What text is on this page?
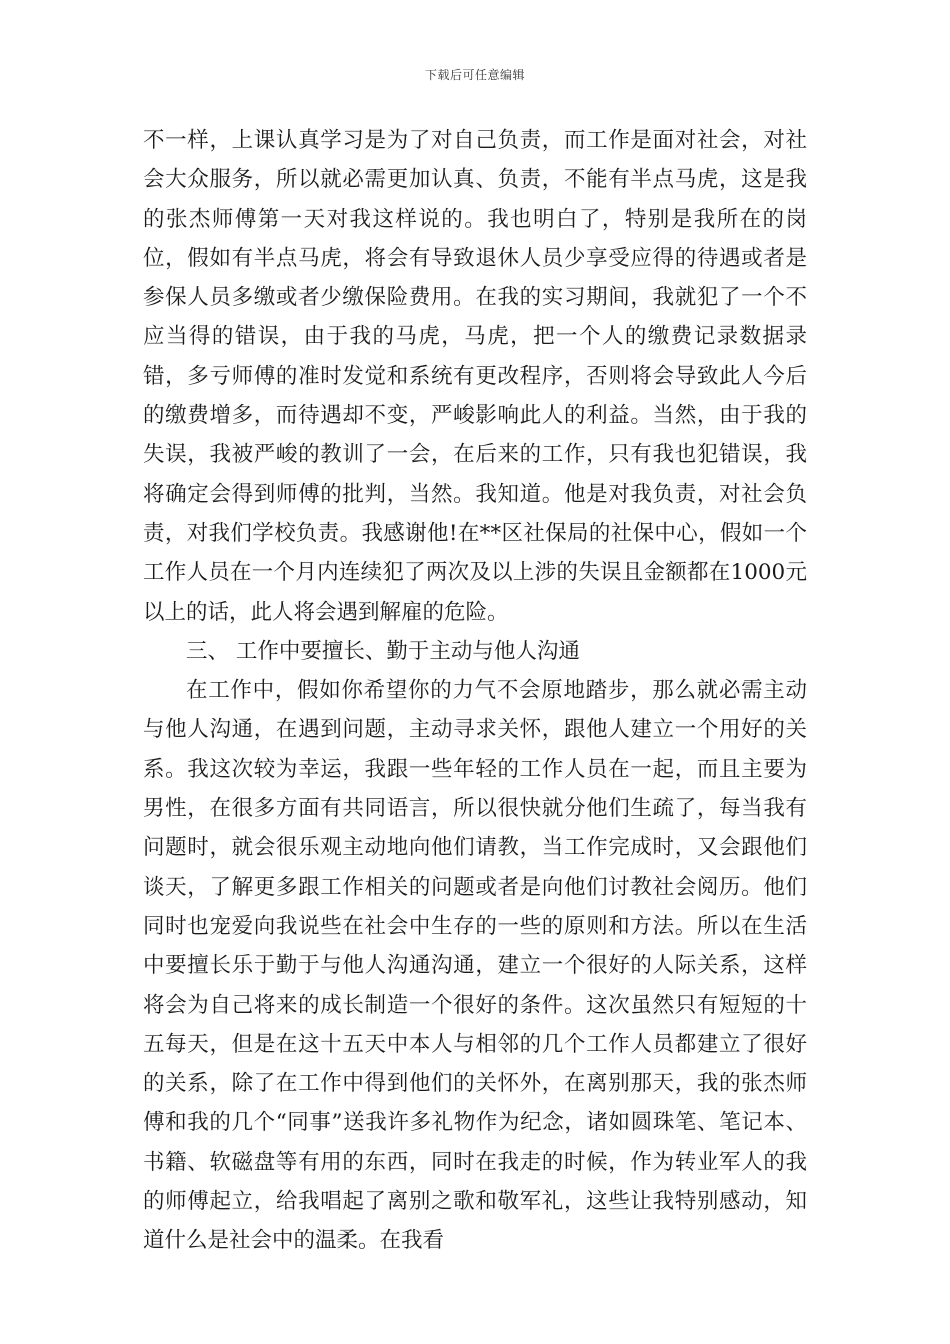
下载后可任意编辑

不一样，上课认真学习是为了对自己负责，而工作是面对社会，对社会大众服务，所以就必需更加认真、负责，不能有半点马虎，这是我的张杰师傅第一天对我这样说的。我也明白了，特别是我所在的岗位，假如有半点马虎，将会有导致退休人员少享受应得的待遇或者是参保人员多缴或者少缴保险费用。在我的实习期间，我就犯了一个不应当得的错误，由于我的马虎，马虎，把一个人的缴费记录数据录错，多亏师傅的准时发觉和系统有更改程序，否则将会导致此人今后的缴费增多，而待遇却不变，严峻影响此人的利益。当然，由于我的失误，我被严峻的教训了一会，在后来的工作，只有我也犯错误，我将确定会得到师傅的批判，当然。我知道。他是对我负责，对社会负责，对我们学校负责。我感谢他!在**区社保局的社保中心，假如一个工作人员在一个月内连续犯了两次及以上涉的失误且金额都在1000元以上的话，此人将会遇到解雇的危险。

三、 工作中要擅长、勤于主动与他人沟通

在工作中，假如你希望你的力气不会原地踏步，那么就必需主动与他人沟通，在遇到问题，主动寻求关怀，跟他人建立一个用好的关系。我这次较为幸运，我跟一些年轻的工作人员在一起，而且主要为男性，在很多方面有共同语言，所以很快就分他们生疏了，每当我有问题时，就会很乐观主动地向他们请教，当工作完成时，又会跟他们谈天，了解更多跟工作相关的问题或者是向他们讨教社会阅历。他们同时也宠爱向我说些在社会中生存的一些的原则和方法。所以在生活中要擅长乐于勤于与他人沟通沟通，建立一个很好的人际关系，这样将会为自己将来的成长制造一个很好的条件。这次虽然只有短短的十五每天，但是在这十五天中本人与相邻的几个工作人员都建立了很好的关系，除了在工作中得到他们的关怀外，在离别那天，我的张杰师傅和我的几个“同事”送我许多礼物作为纪念，诸如圆珠笔、笔记本、书籍、软磁盘等有用的东西，同时在我走的时候，作为转业军人的我的师傅起立，给我唱起了离别之歌和敬军礼，这些让我特别感动，知道什么是社会中的温柔。在我看
